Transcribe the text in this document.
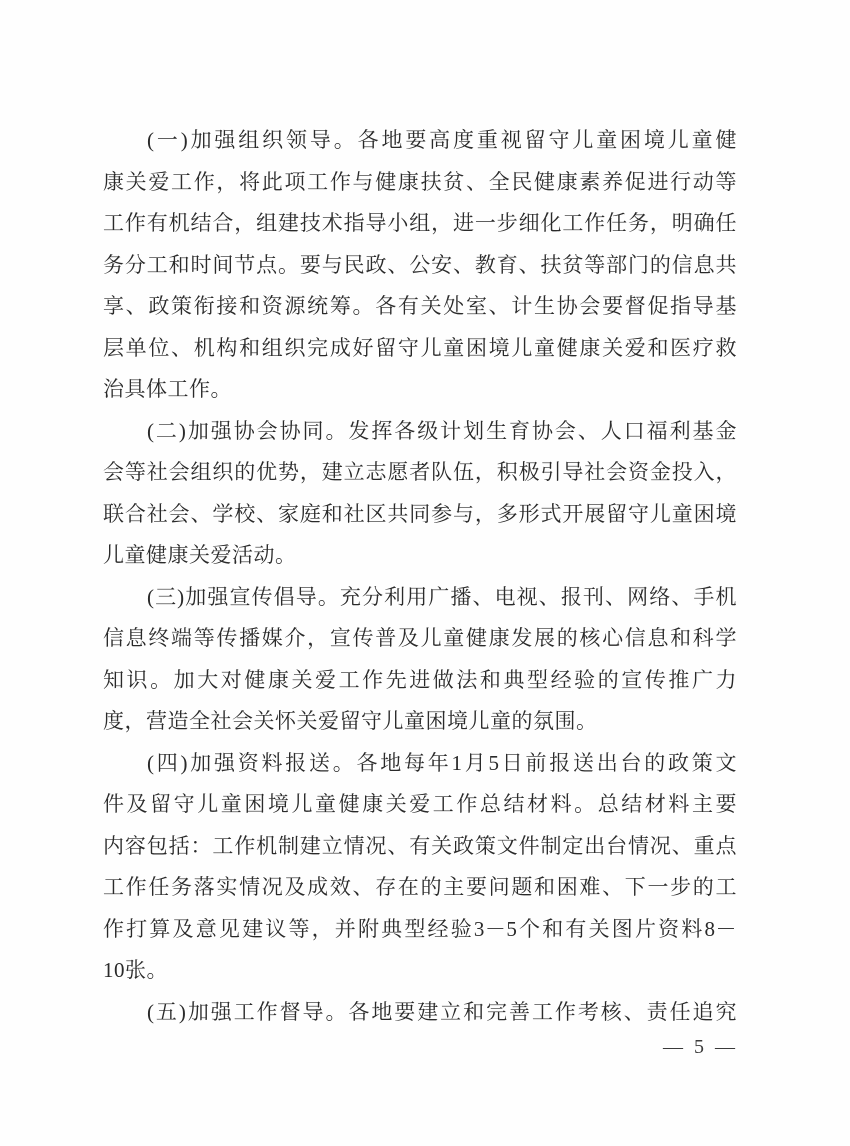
(一)加强组织领导。各地要高度重视留守儿童困境儿童健

康关爱工作，将此项工作与健康扶贫、全民健康素养促进行动等

工作有机结合，组建技术指导小组，进一步细化工作任务，明确任

务分工和时间节点。要与民政、公安、教育、扶贫等部门的信息共

享、政策衔接和资源统筹。各有关处室、计生协会要督促指导基

层单位、机构和组织完成好留守儿童困境儿童健康关爱和医疗救

治具体工作。

(二)加强协会协同。发挥各级计划生育协会、人口福利基金

会等社会组织的优势，建立志愿者队伍，积极引导社会资金投入，

联合社会、学校、家庭和社区共同参与，多形式开展留守儿童困境

儿童健康关爱活动。

(三)加强宣传倡导。充分利用广播、电视、报刊、网络、手机

信息终端等传播媒介，宣传普及儿童健康发展的核心信息和科学

知识。加大对健康关爱工作先进做法和典型经验的宣传推广力

度，营造全社会关怀关爱留守儿童困境儿童的氛围。

(四)加强资料报送。各地每年1月5日前报送出台的政策文

件及留守儿童困境儿童健康关爱工作总结材料。总结材料主要

内容包括：工作机制建立情况、有关政策文件制定出台情况、重点

工作任务落实情况及成效、存在的主要问题和困难、下一步的工

作打算及意见建议等，并附典型经验3－5个和有关图片资料8－

10张。

(五)加强工作督导。各地要建立和完善工作考核、责任追究

— 5 —
